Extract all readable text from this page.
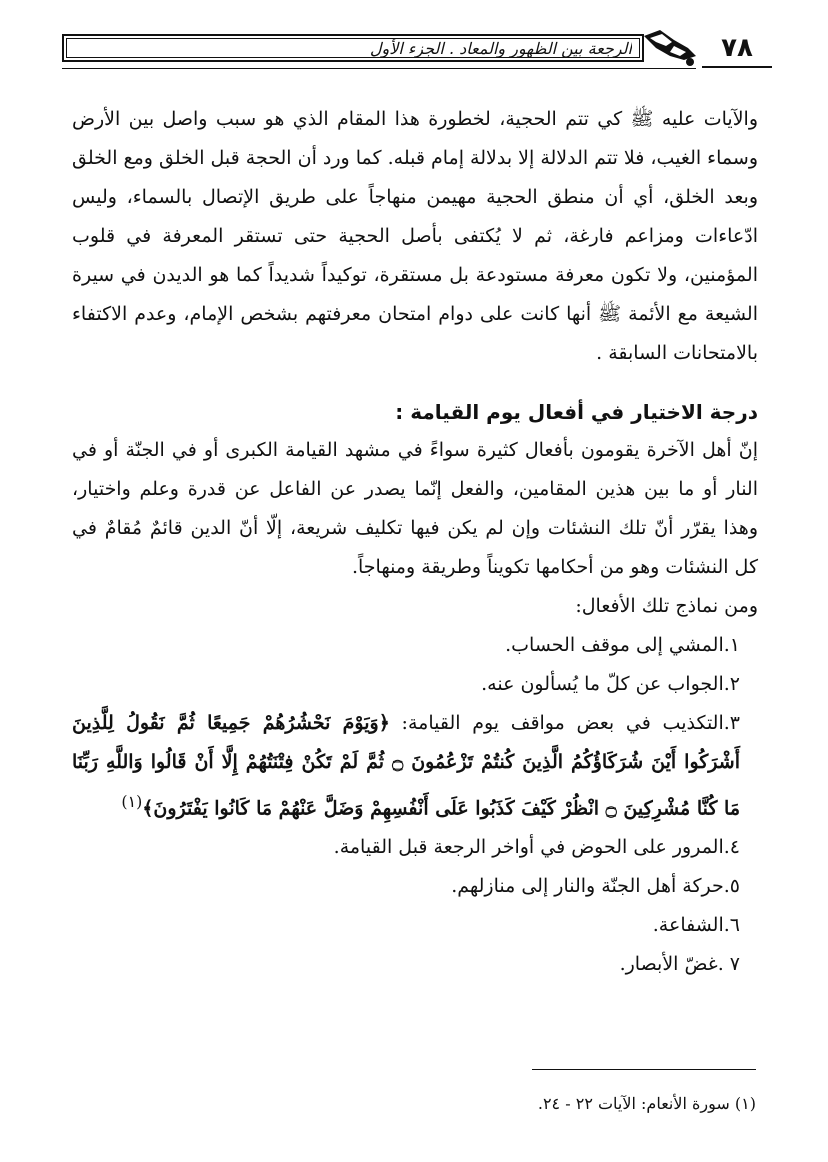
الرجعة بين الظهور والمعاد . الجزء الأول	٧٨

والآيات عليه ﷺ كي تتم الحجية، لخطورة هذا المقام الذي هو سبب واصل بين الأرض وسماء الغيب، فلا تتم الدلالة إلا بدلالة إمام قبله. كما ورد أن الحجة قبل الخلق ومع الخلق وبعد الخلق، أي أن منطق الحجية مهيمن منهاجاً على طريق الإتصال بالسماء، وليس ادّعاءات ومزاعم فارغة، ثم لا يُكتفى بأصل الحجية حتى تستقر المعرفة في قلوب المؤمنين، ولا تكون معرفة مستودعة بل مستقرة، توكيداً شديداً كما هو الديدن في سيرة الشيعة مع الأئمة ﷺ أنها كانت على دوام امتحان معرفتهم بشخص الإمام، وعدم الاكتفاء بالامتحانات السابقة .

درجة الاختيار في أفعال يوم القيامة :

إنّ أهل الآخرة يقومون بأفعال كثيرة سواءً في مشهد القيامة الكبرى أو في الجنّة أو في النار أو ما بين هذين المقامين، والفعل إنّما يصدر عن الفاعل عن قدرة وعلم واختيار، وهذا يقرّر أنّ تلك النشئات وإن لم يكن فيها تكليف شريعة، إلّا أنّ الدين قائمٌ مُقامٌ في كل النشئات وهو من أحكامها تكويناً وطريقة ومنهاجاً.

ومن نماذج تلك الأفعال:

١.المشي إلى موقف الحساب.
٢.الجواب عن كلّ ما يُسألون عنه.

٣.التكذيب في بعض مواقف يوم القيامة: ﴿وَيَوْمَ نَحْشُرُهُمْ جَمِيعًا ثُمَّ نَقُولُ لِلَّذِينَ أَشْرَكُوا أَيْنَ شُرَكَاؤُكُمُ الَّذِينَ كُنتُمْ تَزْعُمُونَ ۝ ثُمَّ لَمْ تَكُنْ فِتْنَتُهُمْ إِلَّا أَنْ قَالُوا وَاللَّهِ رَبِّنَا مَا كُنَّا مُشْرِكِينَ ۝ انْظُرْ كَيْفَ كَذَبُوا عَلَى أَنْفُسِهِمْ وَضَلَّ عَنْهُمْ مَا كَانُوا يَفْتَرُونَ﴾$^{(١)}$

٤.المرور على الحوض في أواخر الرجعة قبل القيامة.
٥.حركة أهل الجنّة والنار إلى منازلهم.
٦.الشفاعة.
٧ .غضّ الأبصار.
(١) سورة الأنعام: الآيات ٢٢ - ٢٤.
